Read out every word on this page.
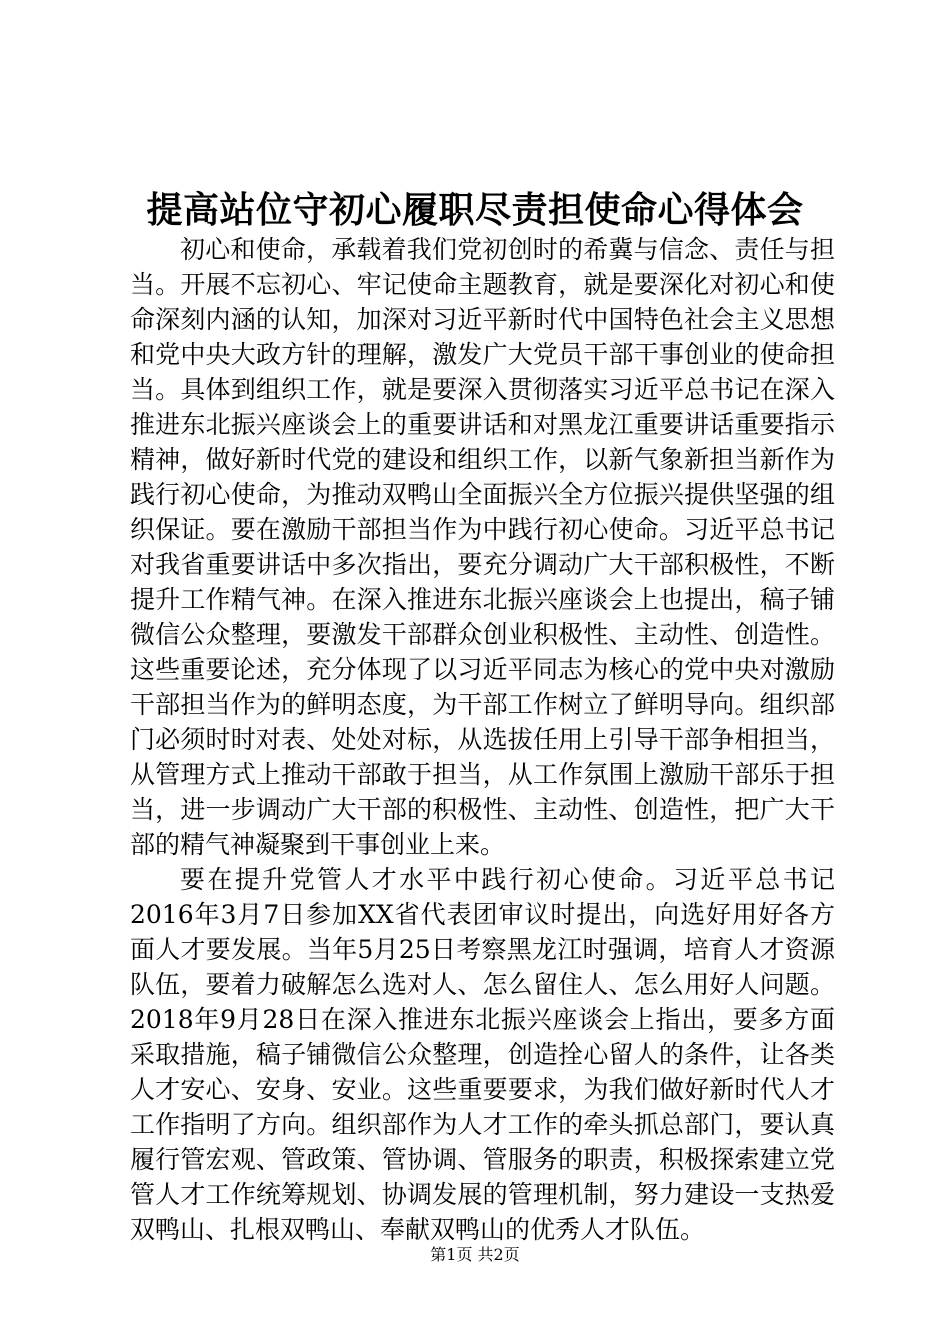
提高站位守初心履职尽责担使命心得体会

初心和使命，承载着我们党初创时的希冀与信念、责任与担当。开展不忘初心、牢记使命主题教育，就是要深化对初心和使命深刻内涵的认知，加深对习近平新时代中国特色社会主义思想和党中央大政方针的理解，激发广大党员干部干事创业的使命担当。具体到组织工作，就是要深入贯彻落实习近平总书记在深入推进东北振兴座谈会上的重要讲话和对黑龙江重要讲话重要指示精神，做好新时代党的建设和组织工作，以新气象新担当新作为践行初心使命，为推动双鸭山全面振兴全方位振兴提供坚强的组织保证。要在激励干部担当作为中践行初心使命。习近平总书记对我省重要讲话中多次指出，要充分调动广大干部积极性，不断提升工作精气神。在深入推进东北振兴座谈会上也提出，稿子铺微信公众整理，要激发干部群众创业积极性、主动性、创造性。这些重要论述，充分体现了以习近平同志为核心的党中央对激励干部担当作为的鲜明态度，为干部工作树立了鲜明导向。组织部门必须时时对表、处处对标，从选拔任用上引导干部争相担当，从管理方式上推动干部敢于担当，从工作氛围上激励干部乐于担当，进一步调动广大干部的积极性、主动性、创造性，把广大干部的精气神凝聚到干事创业上来。

要在提升党管人才水平中践行初心使命。习近平总书记2016年3月7日参加XX省代表团审议时提出，向选好用好各方面人才要发展。当年5月25日考察黑龙江时强调，培育人才资源队伍，要着力破解怎么选对人、怎么留住人、怎么用好人问题。2018年9月28日在深入推进东北振兴座谈会上指出，要多方面采取措施，稿子铺微信公众整理，创造拴心留人的条件，让各类人才安心、安身、安业。这些重要要求，为我们做好新时代人才工作指明了方向。组织部作为人才工作的牵头抓总部门，要认真履行管宏观、管政策、管协调、管服务的职责，积极探索建立党管人才工作统筹规划、协调发展的管理机制，努力建设一支热爱双鸭山、扎根双鸭山、奉献双鸭山的优秀人才队伍。

第1页 共2页
